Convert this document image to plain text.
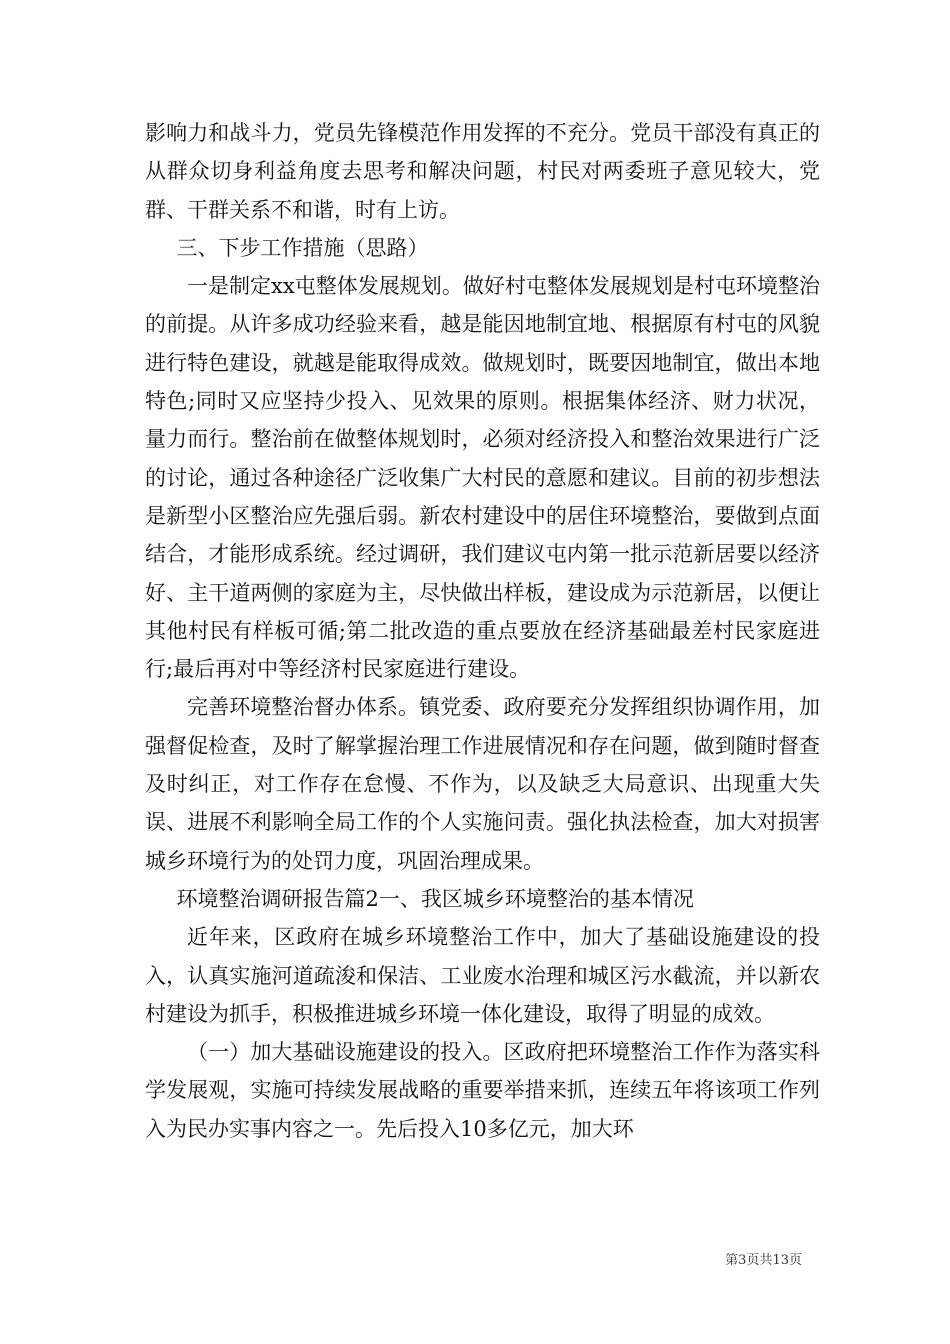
影响力和战斗力，党员先锋模范作用发挥的不充分。党员干部没有真正的从群众切身利益角度去思考和解决问题，村民对两委班子意见较大，党群、干群关系不和谐，时有上访。

三、下步工作措施（思路）

一是制定xx屯整体发展规划。做好村屯整体发展规划是村屯环境整治的前提。从许多成功经验来看，越是能因地制宜地、根据原有村屯的风貌进行特色建设，就越是能取得成效。做规划时，既要因地制宜，做出本地特色;同时又应坚持少投入、见效果的原则。根据集体经济、财力状况，量力而行。整治前在做整体规划时，必须对经济投入和整治效果进行广泛的讨论，通过各种途径广泛收集广大村民的意愿和建议。目前的初步想法是新型小区整治应先强后弱。新农村建设中的居住环境整治，要做到点面结合，才能形成系统。经过调研，我们建议屯内第一批示范新居要以经济好、主干道两侧的家庭为主，尽快做出样板，建设成为示范新居，以便让其他村民有样板可循;第二批改造的重点要放在经济基础最差村民家庭进行;最后再对中等经济村民家庭进行建设。

完善环境整治督办体系。镇党委、政府要充分发挥组织协调作用，加强督促检查，及时了解掌握治理工作进展情况和存在问题，做到随时督查及时纠正，对工作存在怠慢、不作为，以及缺乏大局意识、出现重大失误、进展不利影响全局工作的个人实施问责。强化执法检查，加大对损害城乡环境行为的处罚力度，巩固治理成果。

环境整治调研报告篇2一、我区城乡环境整治的基本情况

近年来，区政府在城乡环境整治工作中，加大了基础设施建设的投入，认真实施河道疏浚和保洁、工业废水治理和城区污水截流，并以新农村建设为抓手，积极推进城乡环境一体化建设，取得了明显的成效。

（一）加大基础设施建设的投入。区政府把环境整治工作作为落实科学发展观，实施可持续发展战略的重要举措来抓，连续五年将该项工作列入为民办实事内容之一。先后投入10多亿元，加大环

第3页共13页
